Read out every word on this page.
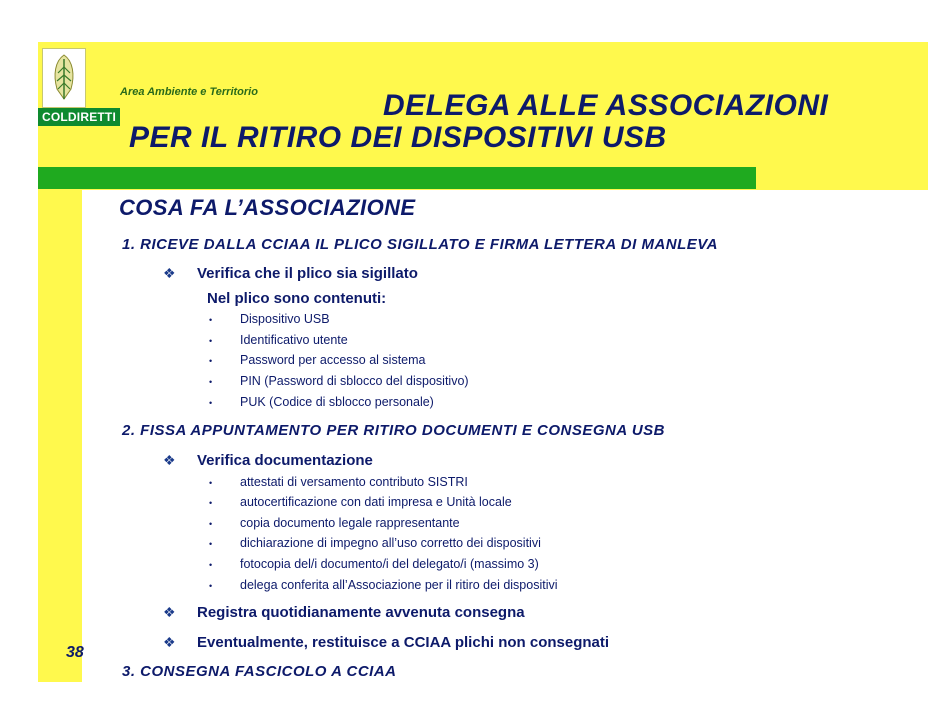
COLDIRETTI
Area Ambiente e Territorio	DELEGA ALLE ASSOCIAZIONI
PER IL RITIRO DEI DISPOSITIVI USB
COSA FA L’ASSOCIAZIONE
1. RICEVE DALLA CCIAA IL PLICO SIGILLATO E FIRMA LETTERA DI MANLEVA
❖ Verifica che il plico sia sigillato
Nel plico sono contenuti:
• Dispositivo USB
• Identificativo utente
• Password per accesso al sistema
• PIN (Password di sblocco del dispositivo)
• PUK (Codice di sblocco personale)
2. FISSA APPUNTAMENTO PER RITIRO DOCUMENTI E CONSEGNA USB
❖ Verifica documentazione
• attestati di versamento contributo SISTRI
• autocertificazione con dati impresa e Unità locale
• copia documento legale rappresentante
• dichiarazione di impegno all’uso corretto dei dispositivi
• fotocopia del/i documento/i del delegato/i (massimo 3)
• delega conferita all’Associazione per il ritiro dei dispositivi
❖ Registra quotidianamente avvenuta consegna
❖ Eventualmente, restituisce a CCIAA plichi non consegnati
3. CONSEGNA FASCICOLO A CCIAA
38
